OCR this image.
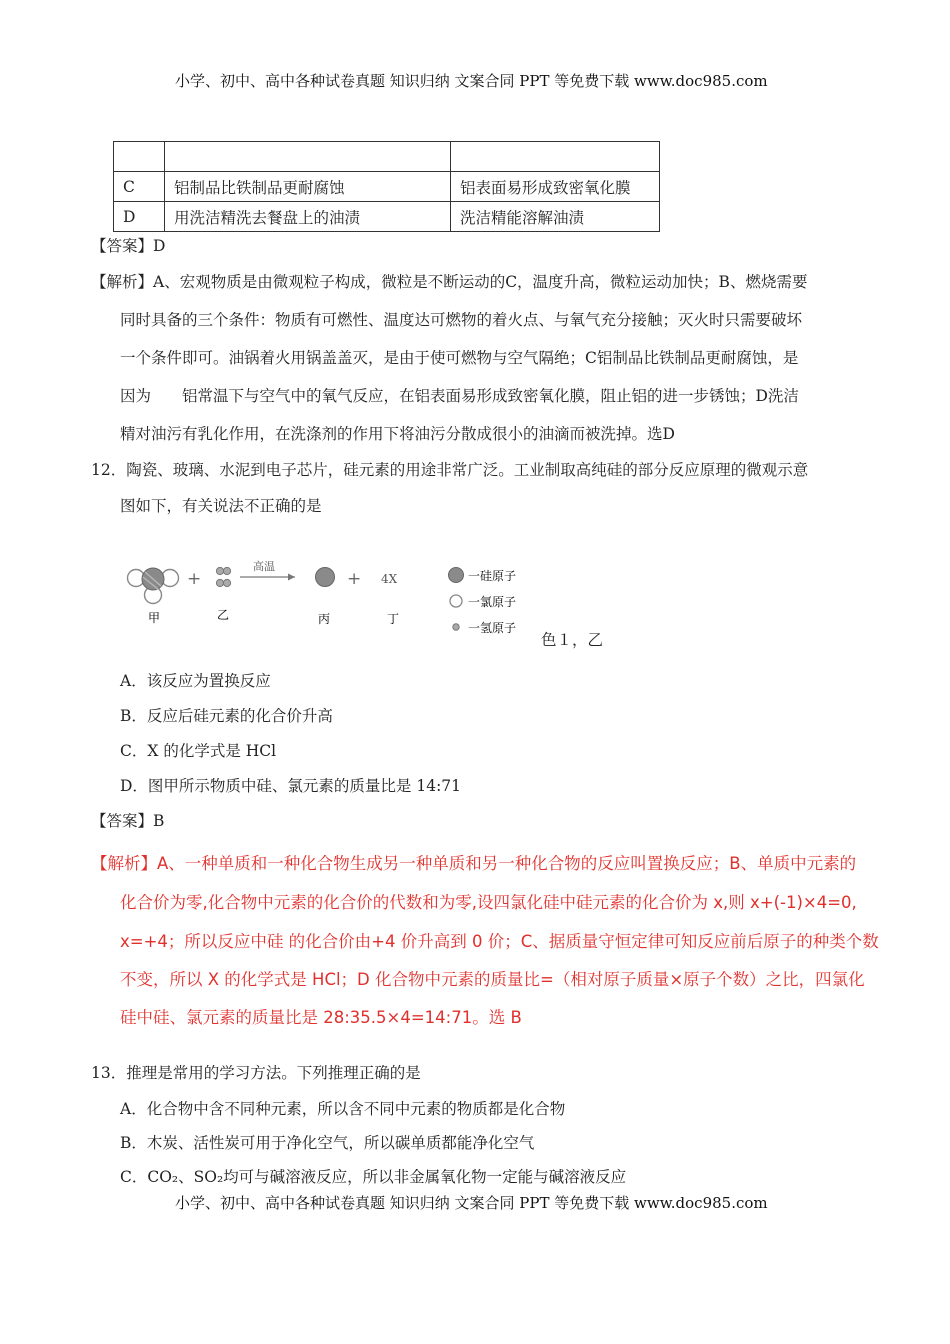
小学、初中、高中各种试卷真题 知识归纳 文案合同 PPT 等免费下载 www.doc985.com

C	铝制品比铁制品更耐腐蚀	铝表面易形成致密氧化膜
D	用洗洁精洗去餐盘上的油渍	洗洁精能溶解油渍
【答案】D
【解析】A、宏观物质是由微观粒子构成，微粒是不断运动的C，温度升高，微粒运动加快；B、燃烧需要
同时具备的三个条件：物质有可燃性、温度达可燃物的着火点、与氧气充分接触；灭火时只需要破坏
一个条件即可。油锅着火用锅盖盖灭，是由于使可燃物与空气隔绝；C铝制品比铁制品更耐腐蚀，是
因为　　铝常温下与空气中的氧气反应，在铝表面易形成致密氧化膜，阻止铝的进一步锈蚀；D洗洁
精对油污有乳化作用，在洗涤剂的作用下将油污分散成很小的油滴而被洗掉。选D
12．陶瓷、玻璃、水泥到电子芯片，硅元素的用途非常广泛。工业制取高纯硅的部分反应原理的微观示意
图如下，有关说法不正确的是
甲
+
乙
高温
丙
+ 4X
丁
一硅原子
一氯原子
一氢原子
色１，乙
A．该反应为置换反应
B．反应后硅元素的化合价升高
C．X 的化学式是 HCl
D．图甲所示物质中硅、氯元素的质量比是 14:71
【答案】B
【解析】A、一种单质和一种化合物生成另一种单质和另一种化合物的反应叫置换反应；B、单质中元素的
化合价为零,化合物中元素的化合价的代数和为零,设四氯化硅中硅元素的化合价为 x,则 x+(-1)×4=0,
x=+4；所以反应中硅 的化合价由+4 价升高到 0 价；C、据质量守恒定律可知反应前后原子的种类个数
不变，所以 X 的化学式是 HCl；D 化合物中元素的质量比=（相对原子质量×原子个数）之比，四氯化
硅中硅、氯元素的质量比是 28:35.5×4=14:71。选 B
13．推理是常用的学习方法。下列推理正确的是
A．化合物中含不同种元素，所以含不同中元素的物质都是化合物
B．木炭、活性炭可用于净化空气，所以碳单质都能净化空气
C．CO₂、SO₂均可与碱溶液反应，所以非金属氧化物一定能与碱溶液反应
小学、初中、高中各种试卷真题 知识归纳 文案合同 PPT 等免费下载 www.doc985.com
